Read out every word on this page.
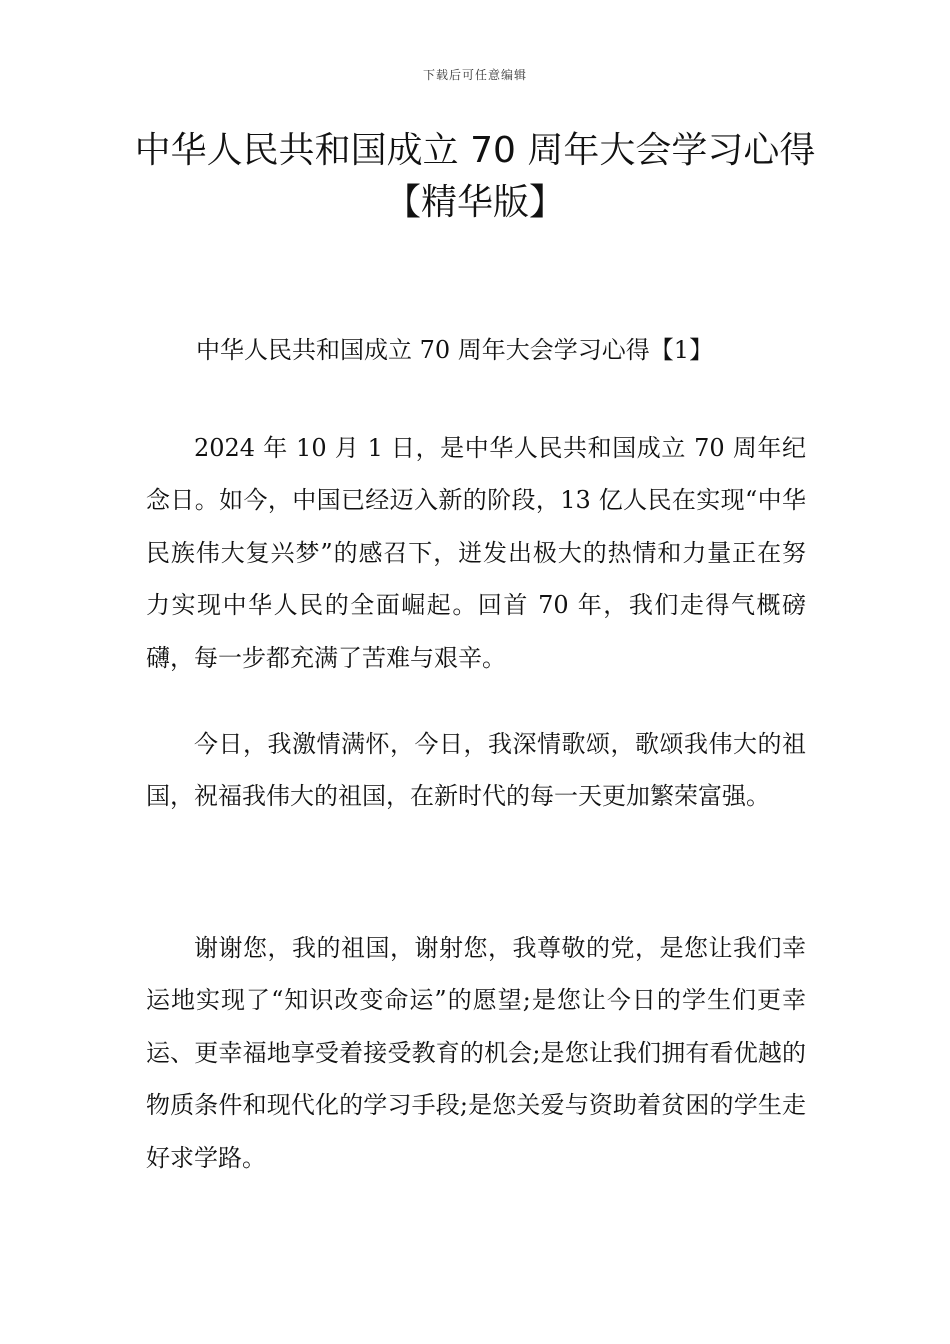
下载后可任意编辑
中华人民共和国成立 70 周年大会学习心得
【精华版】
中华人民共和国成立 70 周年大会学习心得【1】

2024 年 10 月 1 日，是中华人民共和国成立 70 周年纪念日。如今，中国已经迈入新的阶段，13 亿人民在实现“中华民族伟大复兴梦”的感召下，迸发出极大的热情和力量正在努力实现中华人民的全面崛起。回首 70 年，我们走得气概磅礴，每一步都充满了苦难与艰辛。

今日，我激情满怀，今日，我深情歌颂，歌颂我伟大的祖国，祝福我伟大的祖国，在新时代的每一天更加繁荣富强。

谢谢您，我的祖国，谢射您，我尊敬的党，是您让我们幸运地实现了“知识改变命运”的愿望;是您让今日的学生们更幸运、更幸福地享受着接受教育的机会;是您让我们拥有看优越的物质条件和现代化的学习手段;是您关爱与资助着贫困的学生走好求学路。
